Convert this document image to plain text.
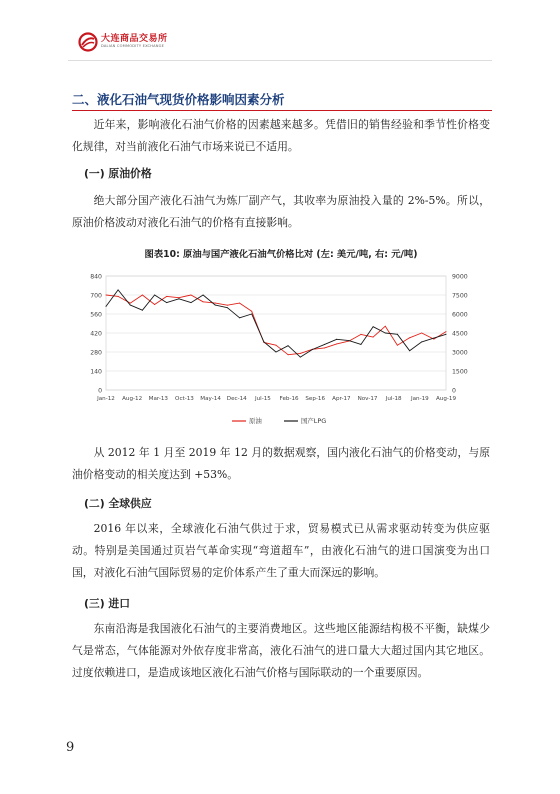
大连商品交易所
DALIAN COMMODITY EXCHANGE
二、液化石油气现货价格影响因素分析
近年来，影响液化石油气价格的因素越来越多。凭借旧的销售经验和季节性价格变化规律，对当前液化石油气市场来说已不适用。
(一) 原油价格
绝大部分国产液化石油气为炼厂副产气，其收率为原油投入量的 2%-5%。所以，原油价格波动对液化石油气的价格有直接影响。
图表10: 原油与国产液化石油气价格比对 (左: 美元/吨, 右: 元/吨)
0	0
140	1500
280	3000
420	4500
560	6000
700	7500
840	9000
Jan-12 Aug-12 Mar-13 Oct-13 May-14 Dec-14 Jul-15 Feb-16 Sep-16 Apr-17 Nov-17 Jul-18 Jan-19 Aug-19
原油	国产LPG
从 2012 年 1 月至 2019 年 12 月的数据观察，国内液化石油气的价格变动，与原油价格变动的相关度达到 +53%。
(二) 全球供应
2016 年以来，全球液化石油气供过于求，贸易模式已从需求驱动转变为供应驱动。特别是美国通过页岩气革命实现“弯道超车”，由液化石油气的进口国演变为出口国，对液化石油气国际贸易的定价体系产生了重大而深远的影响。
(三) 进口
东南沿海是我国液化石油气的主要消费地区。这些地区能源结构极不平衡，缺煤少气是常态，气体能源对外依存度非常高，液化石油气的进口量大大超过国内其它地区。过度依赖进口，是造成该地区液化石油气价格与国际联动的一个重要原因。
9
